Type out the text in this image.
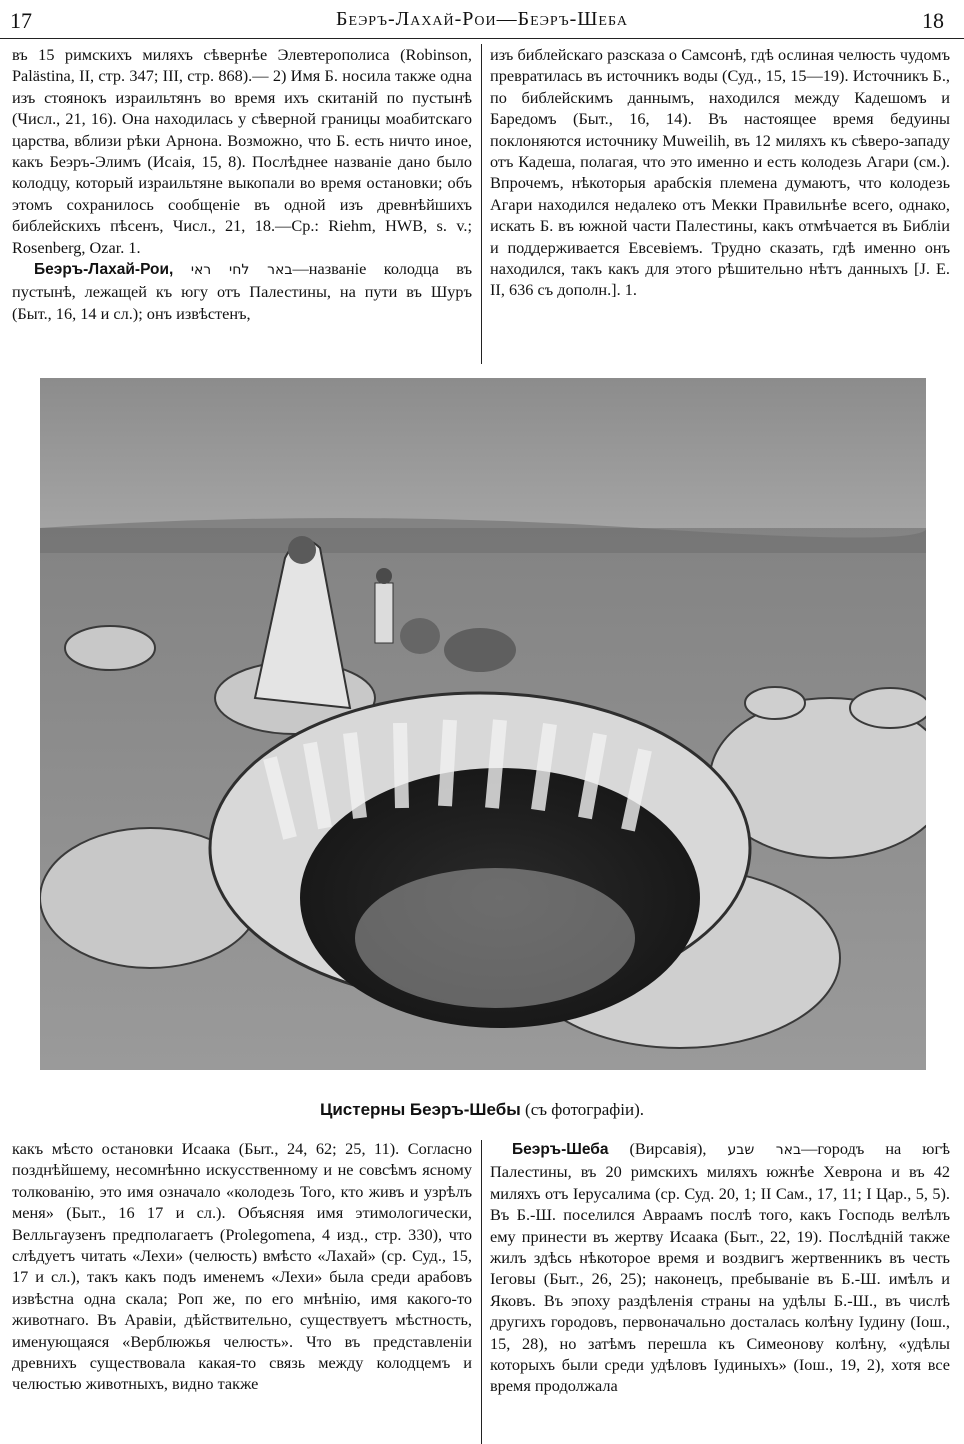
17	Беэръ-Лахай-Рои—Беэръ-Шеба	18

въ 15 римскихъ миляхъ сѣвернѣе Элевтерополиса (Robinson, Palästina, II, стр. 347; III, стр. 868).— 2) Имя Б. носила также одна изъ стоянокъ израильтянъ во время ихъ скитаній по пустынѣ (Числ., 21, 16). Она находилась у сѣверной границы моабитскаго царства, вблизи рѣки Арнона. Возможно, что Б. есть ничто иное, какъ Беэръ-Элимъ (Исаія, 15, 8). Послѣднее названіе дано было колодцу, который израильтяне выкопали во время остановки; объ этомъ сохранилось сообщеніе въ одной изъ древнѣйшихъ библейскихъ пѣсенъ, Числ., 21, 18.—Ср.: Riehm, HWB, s. v.; Rosenberg, Ozar. 1.

Беэръ-Лахай-Рои, באר לחי ראי—названіе колодца въ пустынѣ, лежащей къ югу отъ Палестины, на пути въ Шуръ (Быт., 16, 14 и сл.); онъ извѣстенъ,

изъ библейскаго разсказа о Самсонѣ, гдѣ ослиная челюсть чудомъ превратилась въ источникъ воды (Суд., 15, 15—19). Источникъ Б., по библейскимъ даннымъ, находился между Кадешомъ и Баредомъ (Быт., 16, 14). Въ настоящее время бедуины поклоняются источнику Muweilih, въ 12 миляхъ къ сѣверо-западу отъ Кадеша, полагая, что это именно и есть колодезь Агари (см.). Впрочемъ, нѣкоторыя арабскія племена думаютъ, что колодезь Агари находился недалеко отъ Мекки Правильнѣе всего, однако, искать Б. въ южной части Палестины, какъ отмѣчается въ Библіи и поддерживается Евсевіемъ. Трудно сказать, гдѣ именно онъ находился, такъ какъ для этого рѣшительно нѣтъ данныхъ [J. E. II, 636 съ дополн.]. 1.

Цистерны Беэръ-Шебы (съ фотографіи).

какъ мѣсто остановки Исаака (Быт., 24, 62; 25, 11). Согласно позднѣйшему, несомнѣнно искусственному и не совсѣмъ ясному толкованію, это имя означало «колодезь Того, кто живъ и узрѣлъ меня» (Быт., 16 17 и сл.). Объясняя имя этимологически, Велльгаузенъ предполагаетъ (Prolegomena, 4 изд., стр. 330), что слѣдуетъ читать «Лехи» (челюсть) вмѣсто «Лахай» (ср. Суд., 15, 17 и сл.), такъ какъ подъ именемъ «Лехи» была среди арабовъ извѣстна одна скала; Роп же, по его мнѣнію, имя какого-то животнаго. Въ Аравіи, дѣйствительно, существуетъ мѣстность, именующаяся «Верблюжья челюсть». Что въ представленіи древнихъ существовала какая-то связь между колодцемъ и челюстью животныхъ, видно также

Беэръ-Шеба (Вирсавія), באר שבע—городъ на югѣ Палестины, въ 20 римскихъ миляхъ южнѣе Хеврона и въ 42 миляхъ отъ Іерусалима (ср. Суд. 20, 1; II Сам., 17, 11; I Цар., 5, 5). Въ Б.-Ш. поселился Авраамъ послѣ того, какъ Господь велѣлъ ему принести въ жертву Исаака (Быт., 22, 19). Послѣдній также жилъ здѣсь нѣкоторое время и воздвигъ жертвенникъ въ честь Іеговы (Быт., 26, 25); наконецъ, пребываніе въ Б.-Ш. имѣлъ и Яковъ. Въ эпоху раздѣленія страны на удѣлы Б.-Ш., въ числѣ другихъ городовъ, первоначально досталась колѣну Іудину (Іош., 15, 28), но затѣмъ перешла къ Симеонову колѣну, «удѣлы которыхъ были среди удѣловъ Іудиныхъ» (Іош., 19, 2), хотя все время продолжала
